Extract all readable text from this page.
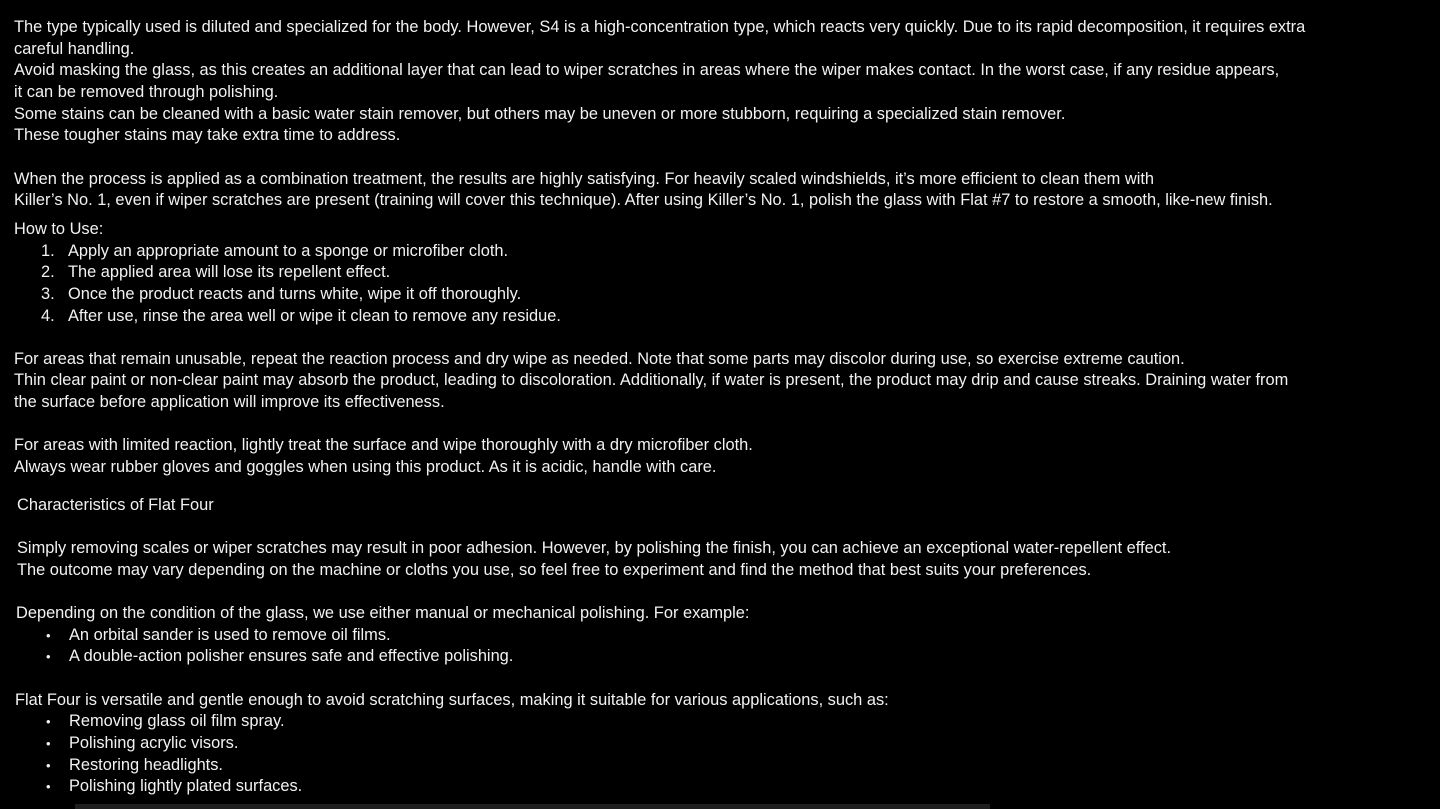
The type typically used is diluted and specialized for the body. However, S4 is a high-concentration type, which reacts very quickly. Due to its rapid decomposition, it requires extra
careful handling.
Avoid masking the glass, as this creates an additional layer that can lead to wiper scratches in areas where the wiper makes contact. In the worst case, if any residue appears,
it can be removed through polishing.
Some stains can be cleaned with a basic water stain remover, but others may be uneven or more stubborn, requiring a specialized stain remover.
These tougher stains may take extra time to address.
When the process is applied as a combination treatment, the results are highly satisfying. For heavily scaled windshields, it’s more efficient to clean them with
Killer’s No. 1, even if wiper scratches are present (training will cover this technique). After using Killer’s No. 1, polish the glass with Flat #7 to restore a smooth, like-new finish.
How to Use:
1. Apply an appropriate amount to a sponge or microfiber cloth.
2. The applied area will lose its repellent effect.
3. Once the product reacts and turns white, wipe it off thoroughly.
4. After use, rinse the area well or wipe it clean to remove any residue.
For areas that remain unusable, repeat the reaction process and dry wipe as needed. Note that some parts may discolor during use, so exercise extreme caution.
Thin clear paint or non-clear paint may absorb the product, leading to discoloration. Additionally, if water is present, the product may drip and cause streaks. Draining water from
the surface before application will improve its effectiveness.
For areas with limited reaction, lightly treat the surface and wipe thoroughly with a dry microfiber cloth.
Always wear rubber gloves and goggles when using this product. As it is acidic, handle with care.
Characteristics of Flat Four
Simply removing scales or wiper scratches may result in poor adhesion. However, by polishing the finish, you can achieve an exceptional water-repellent effect.
The outcome may vary depending on the machine or cloths you use, so feel free to experiment and find the method that best suits your preferences.
Depending on the condition of the glass, we use either manual or mechanical polishing. For example:
•	An orbital sander is used to remove oil films.
•	A double-action polisher ensures safe and effective polishing.
Flat Four is versatile and gentle enough to avoid scratching surfaces, making it suitable for various applications, such as:
•	Removing glass oil film spray.
•	Polishing acrylic visors.
•	Restoring headlights.
•	Polishing lightly plated surfaces.
